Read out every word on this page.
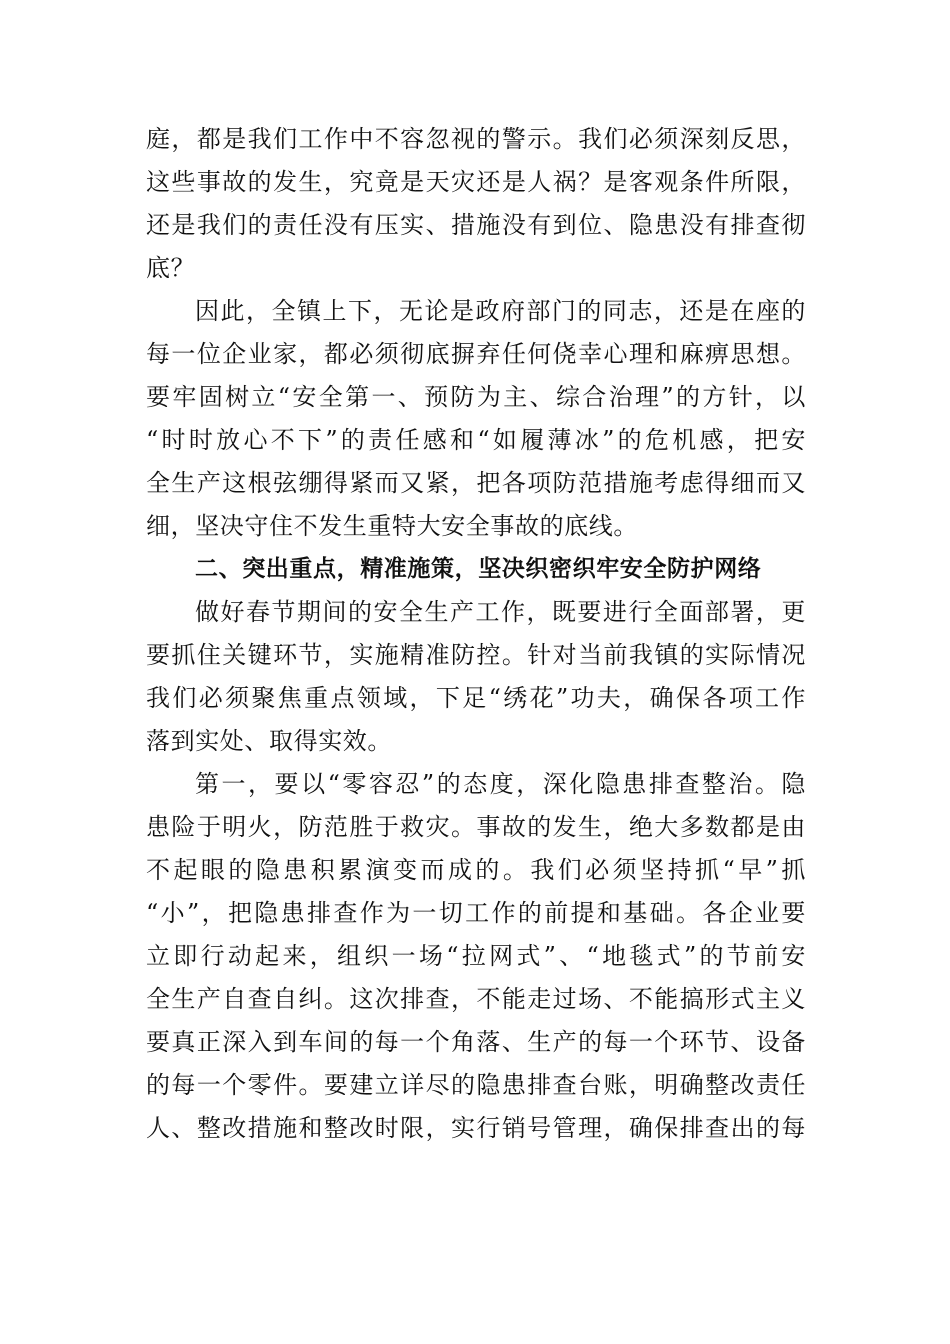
庭，都是我们工作中不容忽视的警示。我们必须深刻反思，
这些事故的发生，究竟是天灾还是人祸？是客观条件所限，
还是我们的责任没有压实、措施没有到位、隐患没有排查彻
底？
因此，全镇上下，无论是政府部门的同志，还是在座的
每一位企业家，都必须彻底摒弃任何侥幸心理和麻痹思想。
要牢固树立“安全第一、预防为主、综合治理”的方针，以
“时时放心不下”的责任感和“如履薄冰”的危机感，把安
全生产这根弦绷得紧而又紧，把各项防范措施考虑得细而又
细，坚决守住不发生重特大安全事故的底线。
二、突出重点，精准施策，坚决织密织牢安全防护网络
做好春节期间的安全生产工作，既要进行全面部署，更
要抓住关键环节，实施精准防控。针对当前我镇的实际情况
我们必须聚焦重点领域，下足“绣花”功夫，确保各项工作
落到实处、取得实效。
第一，要以“零容忍”的态度，深化隐患排查整治。隐
患险于明火，防范胜于救灾。事故的发生，绝大多数都是由
不起眼的隐患积累演变而成的。我们必须坚持抓“早”抓
“小”，把隐患排查作为一切工作的前提和基础。各企业要
立即行动起来，组织一场“拉网式”、“地毯式”的节前安
全生产自查自纠。这次排查，不能走过场、不能搞形式主义
要真正深入到车间的每一个角落、生产的每一个环节、设备
的每一个零件。要建立详尽的隐患排查台账，明确整改责任
人、整改措施和整改时限，实行销号管理，确保排查出的每
